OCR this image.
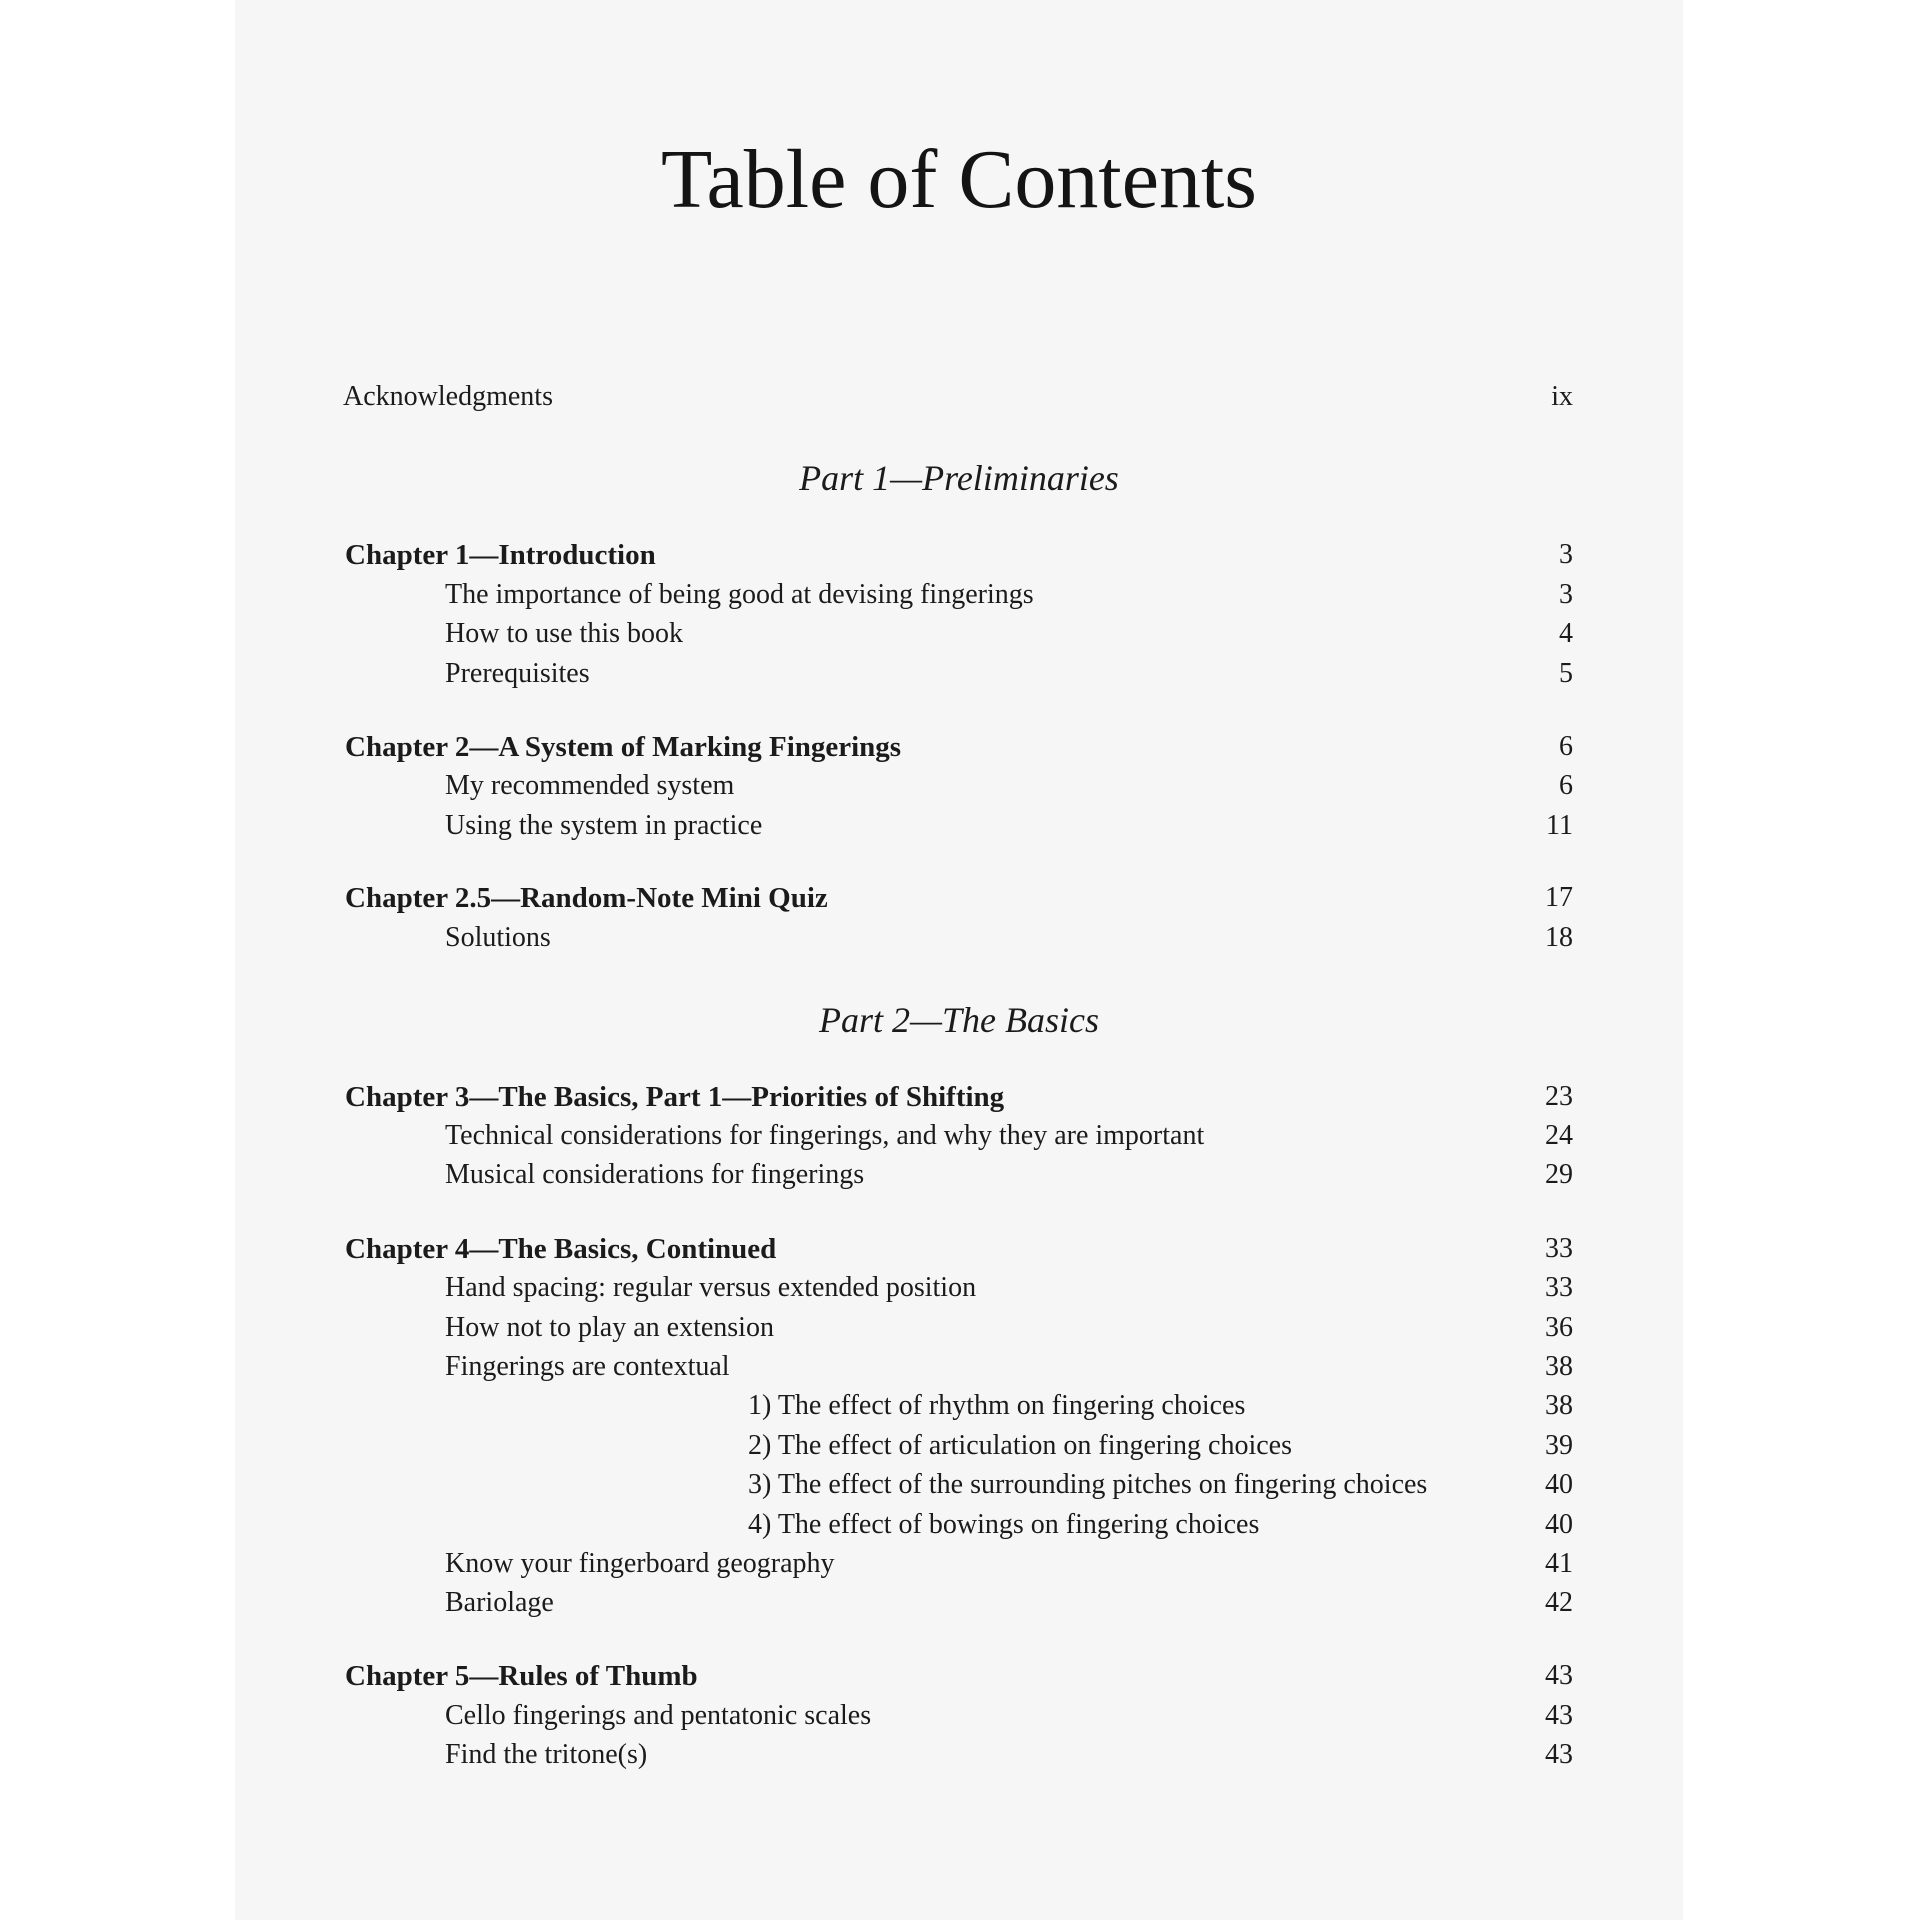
Table of Contents
Acknowledgments	ix
Part 1—Preliminaries
Chapter 1—Introduction	3
The importance of being good at devising fingerings	3
How to use this book	4
Prerequisites	5
Chapter 2—A System of Marking Fingerings	6
My recommended system	6
Using the system in practice	11
Chapter 2.5—Random-Note Mini Quiz	17
Solutions	18
Part 2—The Basics
Chapter 3—The Basics, Part 1—Priorities of Shifting	23
Technical considerations for fingerings, and why they are important	24
Musical considerations for fingerings	29
Chapter 4—The Basics, Continued	33
Hand spacing: regular versus extended position	33
How not to play an extension	36
Fingerings are contextual	38
1) The effect of rhythm on fingering choices	38
2) The effect of articulation on fingering choices	39
3) The effect of the surrounding pitches on fingering choices	40
4) The effect of bowings on fingering choices	40
Know your fingerboard geography	41
Bariolage	42
Chapter 5—Rules of Thumb	43
Cello fingerings and pentatonic scales	43
Find the tritone(s)	43
